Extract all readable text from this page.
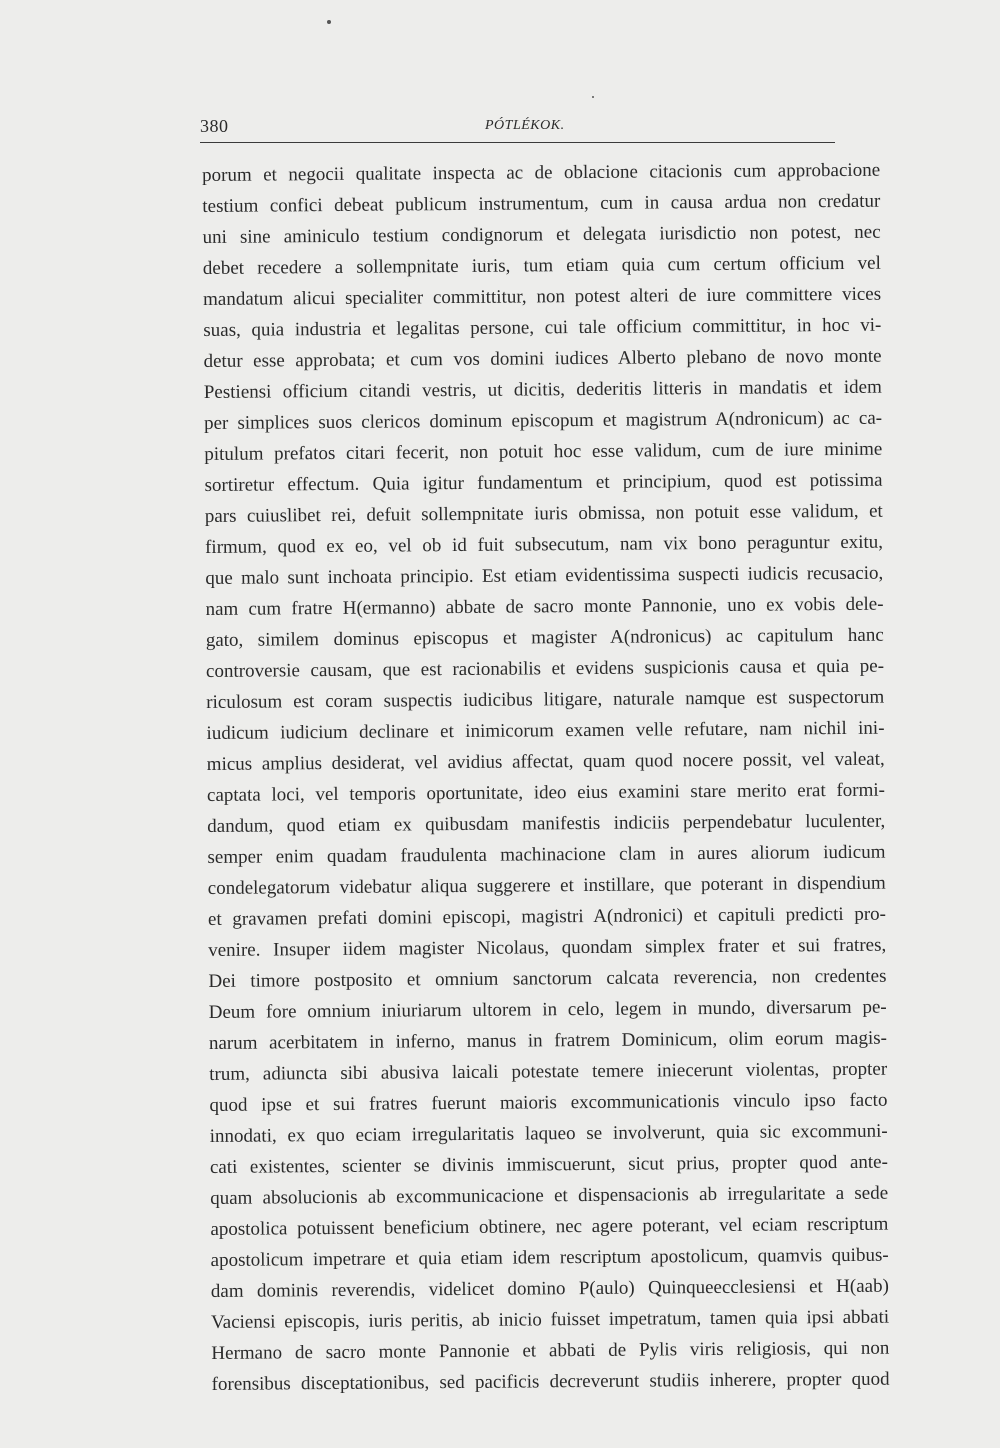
380	PÓTLÉKOK.
porum et negocii qualitate inspecta ac de oblacione citacionis cum approbacione
testium confici debeat publicum instrumentum, cum in causa ardua non credatur
uni sine aminiculo testium condignorum et delegata iurisdictio non potest, nec
debet recedere a sollempnitate iuris, tum etiam quia cum certum officium vel
mandatum alicui specialiter committitur, non potest alteri de iure committere vices
suas, quia industria et legalitas persone, cui tale officium committitur, in hoc vi-
detur esse approbata; et cum vos domini iudices Alberto plebano de novo monte
Pestiensi officium citandi vestris, ut dicitis, dederitis litteris in mandatis et idem
per simplices suos clericos dominum episcopum et magistrum A(ndronicum) ac ca-
pitulum prefatos citari fecerit, non potuit hoc esse validum, cum de iure minime
sortiretur effectum. Quia igitur fundamentum et principium, quod est potissima
pars cuiuslibet rei, defuit sollempnitate iuris obmissa, non potuit esse validum, et
firmum, quod ex eo, vel ob id fuit subsecutum, nam vix bono peraguntur exitu,
que malo sunt inchoata principio. Est etiam evidentissima suspecti iudicis recusacio,
nam cum fratre H(ermanno) abbate de sacro monte Pannonie, uno ex vobis dele-
gato, similem dominus episcopus et magister A(ndronicus) ac capitulum hanc
controversie causam, que est racionabilis et evidens suspicionis causa et quia pe-
riculosum est coram suspectis iudicibus litigare, naturale namque est suspectorum
iudicum iudicium declinare et inimicorum examen velle refutare, nam nichil ini-
micus amplius desiderat, vel avidius affectat, quam quod nocere possit, vel valeat,
captata loci, vel temporis oportunitate, ideo eius examini stare merito erat formi-
dandum, quod etiam ex quibusdam manifestis indiciis perpendebatur luculenter,
semper enim quadam fraudulenta machinacione clam in aures aliorum iudicum
condelegatorum videbatur aliqua suggerere et instillare, que poterant in dispendium
et gravamen prefati domini episcopi, magistri A(ndronici) et capituli predicti pro-
venire. Insuper iidem magister Nicolaus, quondam simplex frater et sui fratres,
Dei timore postposito et omnium sanctorum calcata reverencia, non credentes
Deum fore omnium iniuriarum ultorem in celo, legem in mundo, diversarum pe-
narum acerbitatem in inferno, manus in fratrem Dominicum, olim eorum magis-
trum, adiuncta sibi abusiva laicali potestate temere iniecerunt violentas, propter
quod ipse et sui fratres fuerunt maioris excommunicationis vinculo ipso facto
innodati, ex quo eciam irregularitatis laqueo se involverunt, quia sic excommuni-
cati existentes, scienter se divinis immiscuerunt, sicut prius, propter quod ante-
quam absolucionis ab excommunicacione et dispensacionis ab irregularitate a sede
apostolica potuissent beneficium obtinere, nec agere poterant, vel eciam rescriptum
apostolicum impetrare et quia etiam idem rescriptum apostolicum, quamvis quibus-
dam dominis reverendis, videlicet domino P(aulo) Quinqueecclesiensi et H(aab)
Vaciensi episcopis, iuris peritis, ab inicio fuisset impetratum, tamen quia ipsi abbati
Hermano de sacro monte Pannonie et abbati de Pylis viris religiosis, qui non
forensibus disceptationibus, sed pacificis decreverunt studiis inherere, propter quod
